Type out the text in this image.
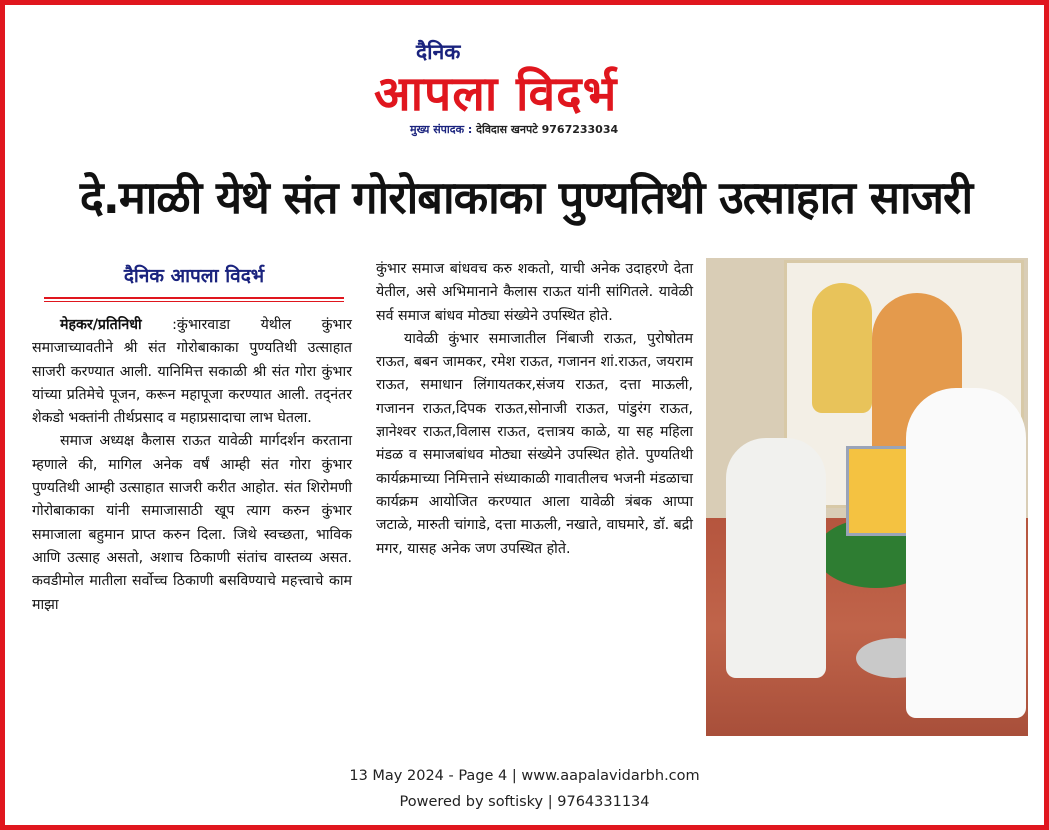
दैनिक
आपला विदर्भ
मुख्य संपादक : देविदास खनपटे 9767233034
दे.माळी येथे संत गोरोबाकाका पुण्यतिथी उत्साहात साजरी
दैनिक आपला विदर्भ

मेहकर/प्रतिनिधी :कुंभारवाडा येथील कुंभार समाजाच्यावतीने श्री संत गोरोबाकाका पुण्यतिथी उत्साहात साजरी करण्यात आली. यानिमित्त सकाळी श्री संत गोरा कुंभार यांच्या प्रतिमेचे पूजन, करून महापूजा करण्यात आली. तद्नंतर शेकडो भक्तांनी तीर्थप्रसाद व महाप्रसादाचा लाभ घेतला.

समाज अध्यक्ष कैलास राऊत यावेळी मार्गदर्शन करताना म्हणाले की, मागिल अनेक वर्षं आम्ही संत गोरा कुंभार पुण्यतिथी आम्ही उत्साहात साजरी करीत आहोत. संत शिरोमणी गोरोबाकाका यांनी समाजासाठी खूप त्याग करुन कुंभार समाजाला बहुमान प्राप्त करुन दिला. जिथे स्वच्छता, भाविक आणि उत्साह असतो, अशाच ठिकाणी संतांच वास्तव्य असत. कवडीमोल मातीला सर्वोच्च ठिकाणी बसविण्याचे महत्त्वाचे काम माझा

कुंभार समाज बांधवच करु शकतो, याची अनेक उदाहरणे देता येतील, असे अभिमानाने कैलास राऊत यांनी सांगितले. यावेळी सर्व समाज बांधव मोठ्या संख्येने उपस्थित होते.

यावेळी कुंभार समाजातील निंबाजी राऊत, पुरोषोतम राऊत, बबन जामकर, रमेश राऊत, गजानन शां.राऊत, जयराम राऊत, समाधान लिंगायतकर,संजय राऊत, दत्ता माऊली, गजानन राऊत,दिपक राऊत,सोनाजी राऊत, पांडुरंग राऊत, ज्ञानेश्वर राऊत,विलास राऊत, दत्तात्रय काळे, या सह महिला मंडळ व समाजबांधव मोठ्या संख्येने उपस्थित होते. पुण्यतिथी कार्यक्रमाच्या निमित्ताने संध्याकाळी गावातीलच भजनी मंडळाचा कार्यक्रम आयोजित करण्यात आला यावेळी त्रंबक आप्पा जटाळे, मारुती चांगाडे, दत्ता माऊली, नखाते, वाघमारे, डॉ. बद्री मगर, यासह अनेक जण उपस्थित होते.

13 May 2024 - Page 4 | www.aapalavidarbh.com
Powered by softisky | 9764331134
